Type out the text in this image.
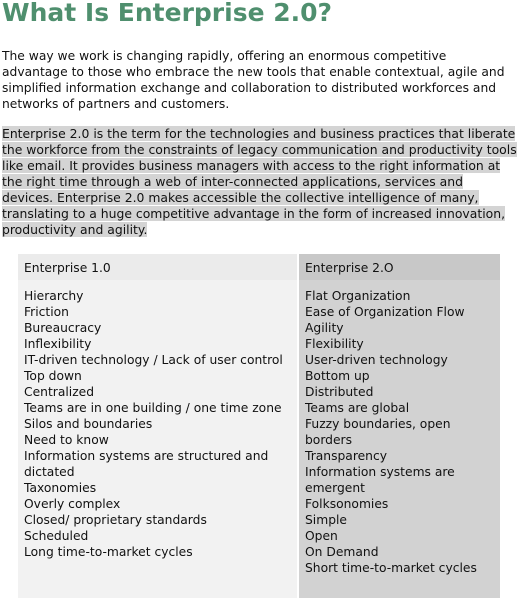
What Is Enterprise 2.0?

The way we work is changing rapidly, offering an enormous competitive advantage to those who embrace the new tools that enable contextual, agile and simplified information exchange and collaboration to distributed workforces and networks of partners and customers.

Enterprise 2.0 is the term for the technologies and business practices that liberate the workforce from the constraints of legacy communication and productivity tools like email. It provides business managers with access to the right information at the right time through a web of inter-connected applications, services and devices. Enterprise 2.0 makes accessible the collective intelligence of many, translating to a huge competitive advantage in the form of increased innovation, productivity and agility.

Enterprise 1.0
Hierarchy
Friction
Bureaucracy
Inflexibility
IT-driven technology / Lack of user control
Top down
Centralized
Teams are in one building / one time zone
Silos and boundaries
Need to know
Information systems are structured and dictated
Taxonomies
Overly complex
Closed/ proprietary standards
Scheduled
Long time-to-market cycles
Enterprise 2.O
Flat Organization
Ease of Organization Flow
Agility
Flexibility
User-driven technology
Bottom up
Distributed
Teams are global
Fuzzy boundaries, open borders
Transparency
Information systems are emergent
Folksonomies
Simple
Open
On Demand
Short time-to-market cycles
